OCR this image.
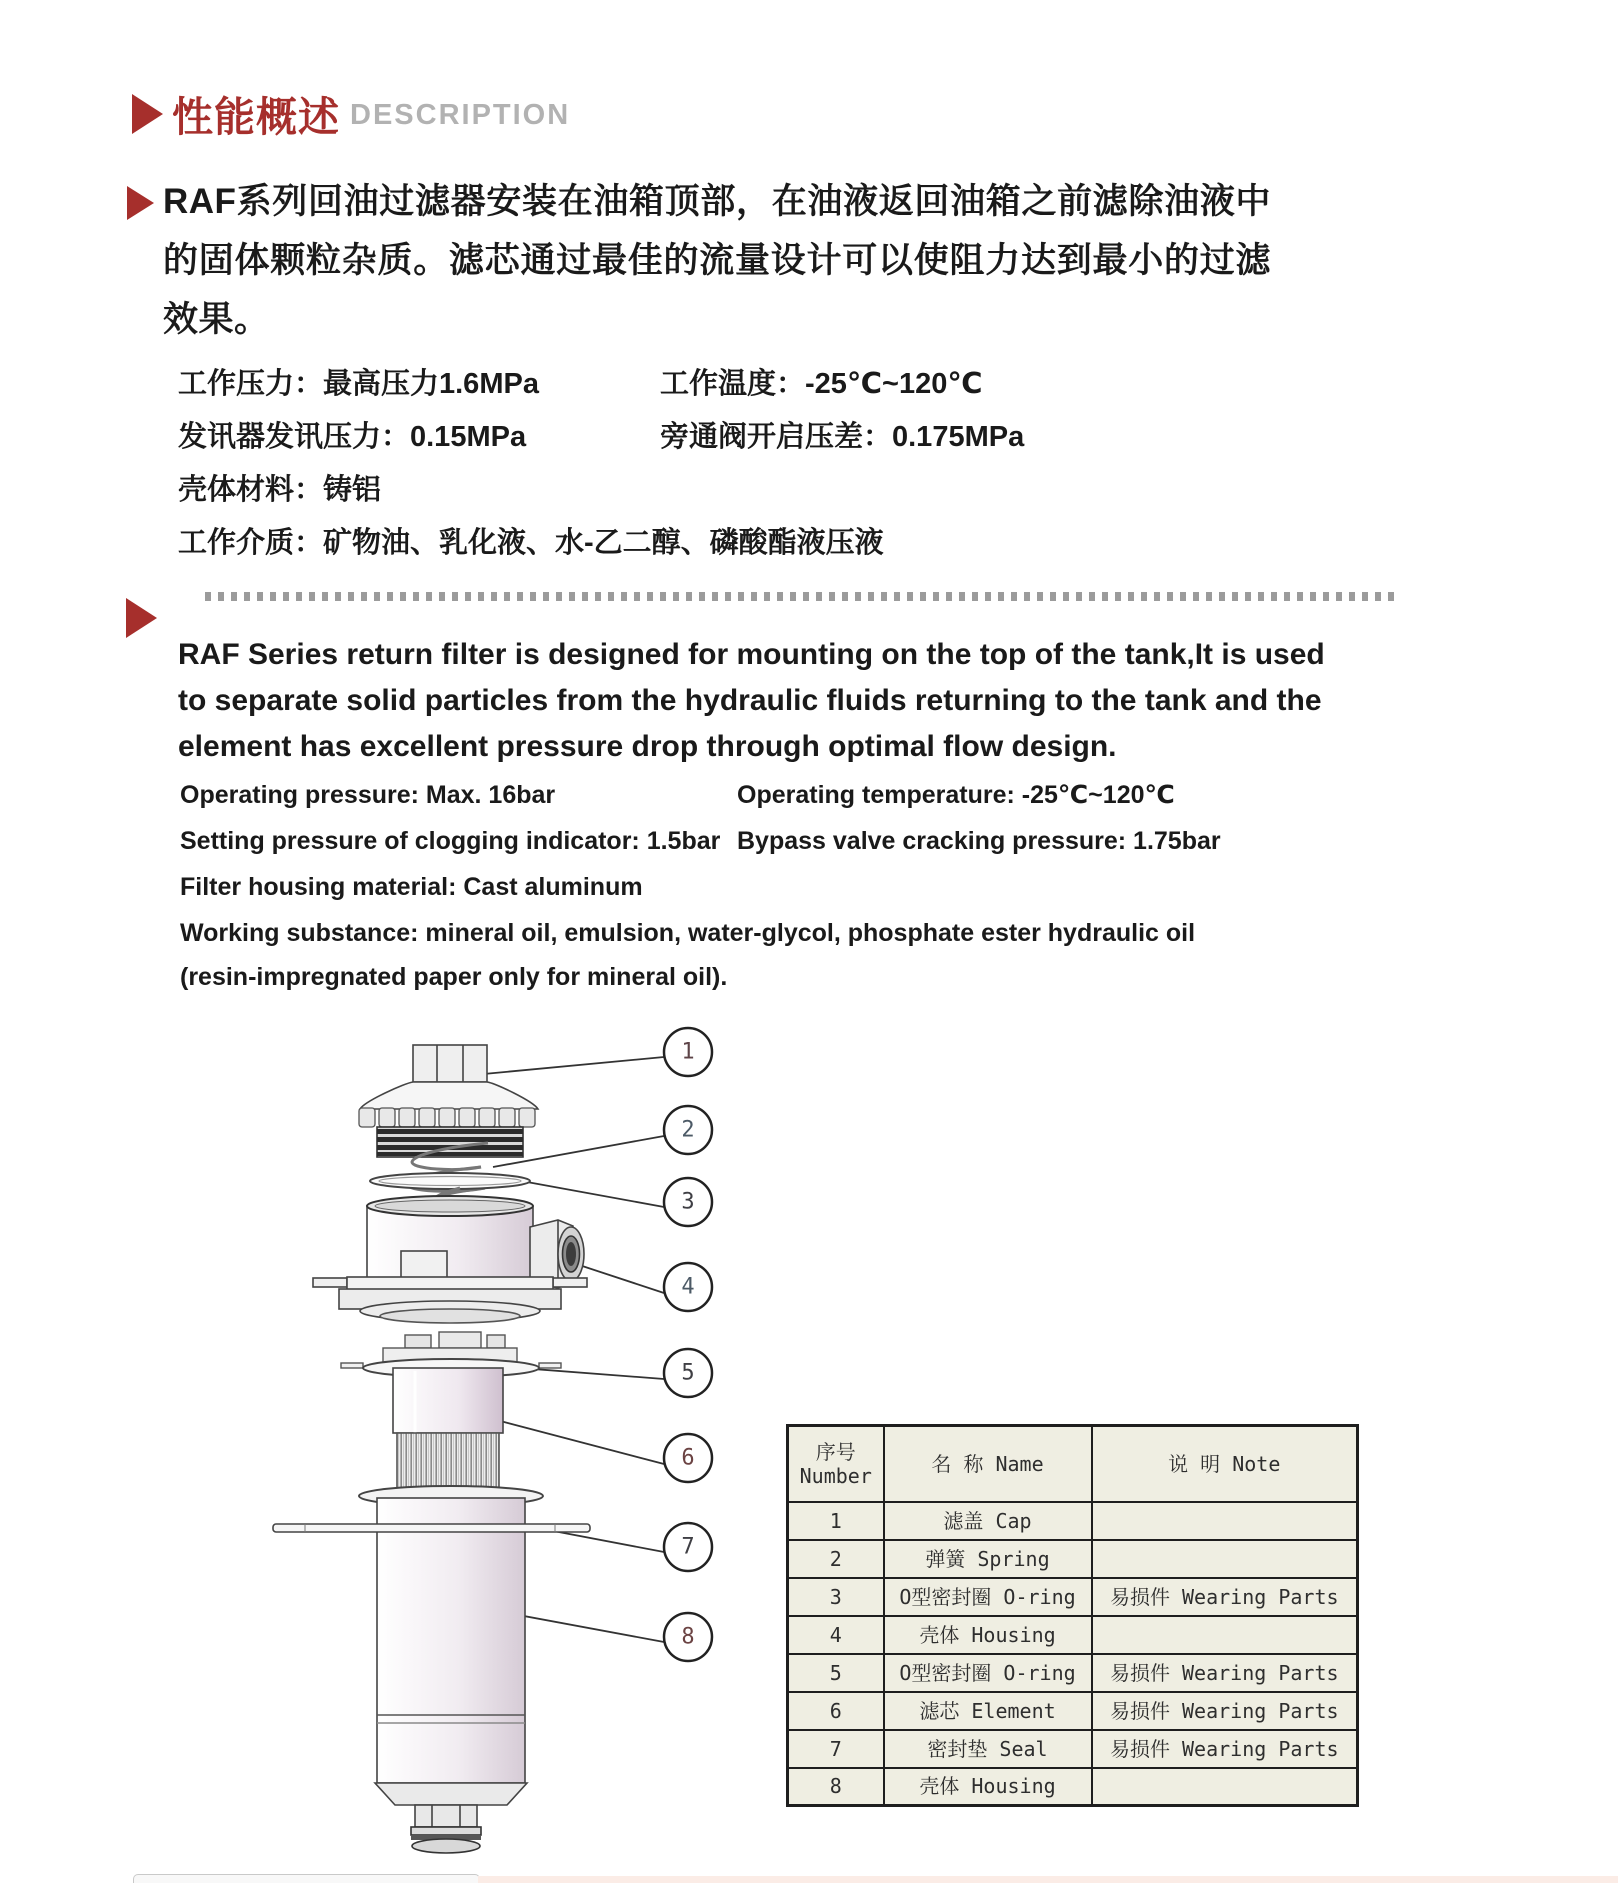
性能概述 DESCRIPTION
RAF系列回油过滤器安装在油箱顶部，在油液返回油箱之前滤除油液中的固体颗粒杂质。滤芯通过最佳的流量设计可以使阻力达到最小的过滤效果。
工作压力：最高压力1.6MPa	工作温度：-25℃~120℃
发讯器发讯压力：0.15MPa	旁通阀开启压差：0.175MPa
壳体材料：铸铝
工作介质：矿物油、乳化液、水-乙二醇、磷酸酯液压液
RAF Series return filter is designed for mounting on the top of the tank,It is used
to separate solid particles from the hydraulic fluids returning to the tank and the
element has excellent pressure drop through optimal flow design.
Operating pressure: Max. 16bar	Operating temperature: -25℃~120℃
Setting pressure of clogging indicator: 1.5bar Bypass valve cracking pressure: 1.75bar
Filter housing material: Cast aluminum
Working substance: mineral oil, emulsion, water-glycol, phosphate ester hydraulic oil
(resin-impregnated paper only for mineral oil).
1
2
3
4
5
6
7
8
序号
Number	名 称 Name	说 明 Note
1	滤盖 Cap	
2	弹簧 Spring	
3	O型密封圈 O-ring	易损件 Wearing Parts
4	壳体 Housing	
5	O型密封圈 O-ring	易损件 Wearing Parts
6	滤芯 Element	易损件 Wearing Parts
7	密封垫 Seal	易损件 Wearing Parts
8	壳体 Housing	
